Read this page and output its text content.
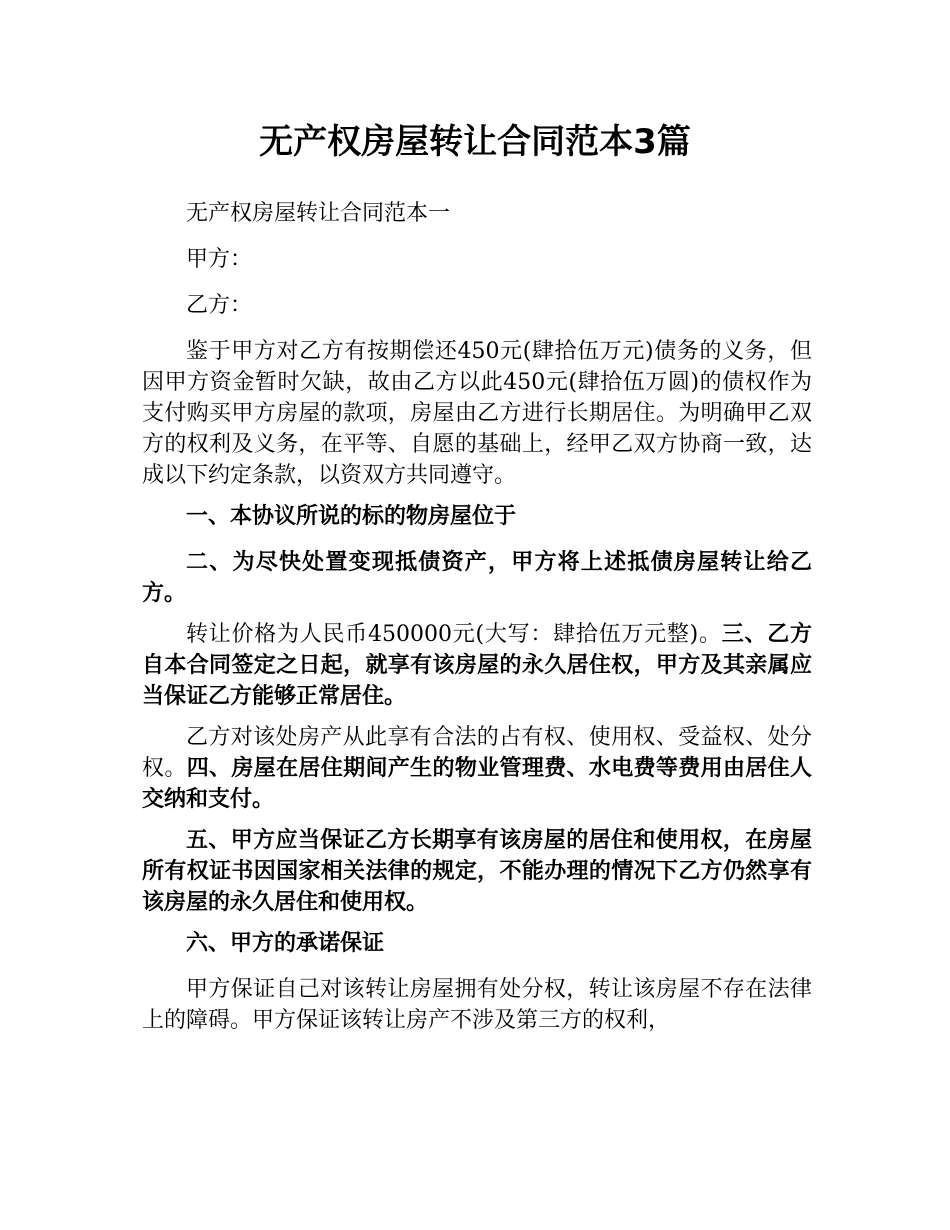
无产权房屋转让合同范本3篇

无产权房屋转让合同范本一

甲方：

乙方：

鉴于甲方对乙方有按期偿还450元(肆拾伍万元)债务的义务，但因甲方资金暂时欠缺，故由乙方以此450元(肆拾伍万圆)的债权作为支付购买甲方房屋的款项，房屋由乙方进行长期居住。为明确甲乙双方的权利及义务，在平等、自愿的基础上，经甲乙双方协商一致，达成以下约定条款，以资双方共同遵守。

一、本协议所说的标的物房屋位于

二、为尽快处置变现抵债资产，甲方将上述抵债房屋转让给乙方。

转让价格为人民币450000元(大写：肆拾伍万元整)。三、乙方自本合同签定之日起，就享有该房屋的永久居住权，甲方及其亲属应当保证乙方能够正常居住。

乙方对该处房产从此享有合法的占有权、使用权、受益权、处分权。四、房屋在居住期间产生的物业管理费、水电费等费用由居住人交纳和支付。

五、甲方应当保证乙方长期享有该房屋的居住和使用权，在房屋所有权证书因国家相关法律的规定，不能办理的情况下乙方仍然享有该房屋的永久居住和使用权。

六、甲方的承诺保证

甲方保证自己对该转让房屋拥有处分权，转让该房屋不存在法律上的障碍。甲方保证该转让房产不涉及第三方的权利，
